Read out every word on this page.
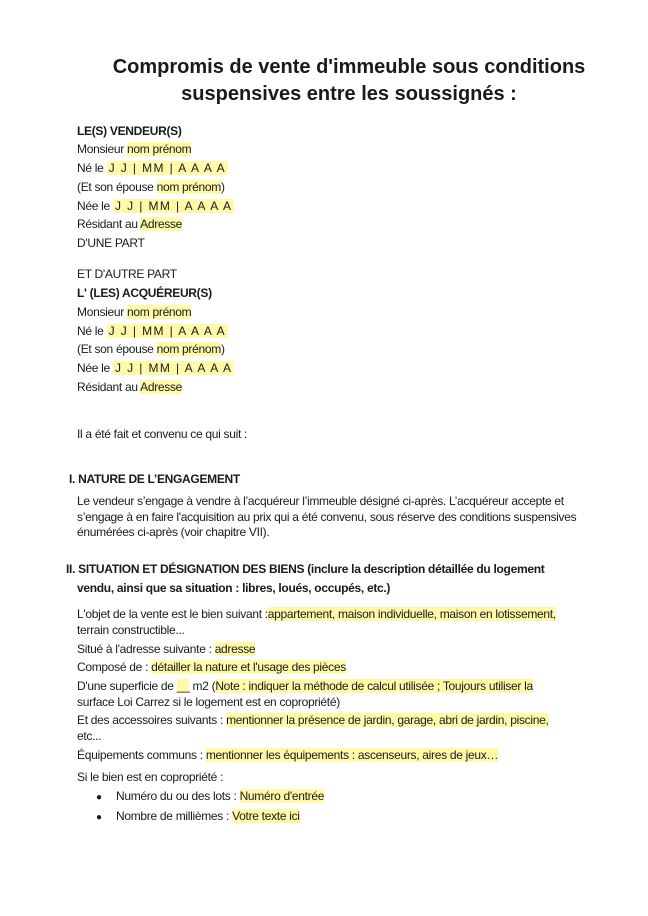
Compromis de vente d'immeuble sous conditions suspensives entre les soussignés :

LE(S) VENDEUR(S)

Monsieur nom prénom

Né le J J | MM | A A A A

(Et son épouse nom prénom)

Née le J J | MM | A A A A

Résidant au Adresse

D'UNE PART

ET D'AUTRE PART

L' (LES) ACQUÉREUR(S)

Monsieur nom prénom

Né le J J | MM | A A A A

(Et son épouse nom prénom)

Née le J J | MM | A A A A

Résidant au Adresse

Il a été fait et convenu ce qui suit :

I. NATURE DE L’ENGAGEMENT

Le vendeur s’engage à vendre à l’acquéreur l’immeuble désigné ci-après. L’acquéreur accepte et s’engage à en faire l'acquisition au prix qui a été convenu, sous réserve des conditions suspensives énumérées ci-après (voir chapitre VII).

II. SITUATION ET DÉSIGNATION DES BIENS (inclure la description détaillée du logement

vendu, ainsi que sa situation : libres, loués, occupés, etc.)

L'objet de la vente est le bien suivant :appartement, maison individuelle, maison en lotissement,

terrain constructible...

Situé à l'adresse suivante : adresse

Composé de : détailler la nature et l'usage des pièces

D'une superficie de __ m2 (Note : indiquer la méthode de calcul utilisée ; Toujours utiliser la

surface Loi Carrez si le logement est en copropriété)

Et des accessoires suivants : mentionner la présence de jardin, garage, abri de jardin, piscine,

etc...

Équipements communs : mentionner les équipements : ascenseurs, aires de jeux…

Si le bien est en copropriété :

● Numéro du ou des lots : Numéro d'entrée

● Nombre de millièmes : Votre texte ici
